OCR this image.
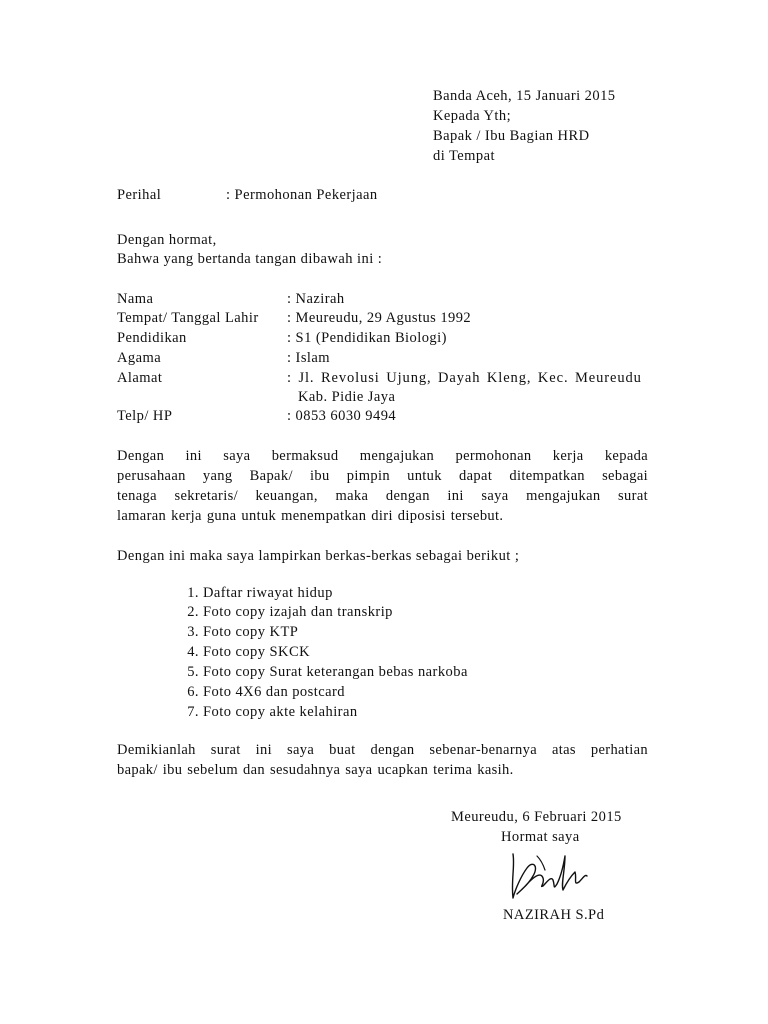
Banda Aceh, 15 Januari 2015
Kepada Yth;
Bapak / Ibu Bagian HRD
di Tempat
Perihal	: Permohonan Pekerjaan
Dengan hormat,
Bahwa yang bertanda tangan dibawah ini :
Nama	: Nazirah
Tempat/ Tanggal Lahir : Meureudu, 29 Agustus 1992
Pendidikan	: S1 (Pendidikan Biologi)
Agama	: Islam
Alamat	: Jl. Revolusi Ujung, Dayah Kleng, Kec. Meureudu
Kab. Pidie Jaya
Telp/ HP	: 0853 6030 9494
Dengan ini saya bermaksud mengajukan permohonan kerja kepada
perusahaan yang Bapak/ ibu pimpin untuk dapat ditempatkan sebagai
tenaga sekretaris/ keuangan, maka dengan ini saya mengajukan surat
lamaran kerja guna untuk menempatkan diri diposisi tersebut.
Dengan ini maka saya lampirkan berkas-berkas sebagai berikut ;
1. Daftar riwayat hidup
2. Foto copy izajah dan transkrip
3. Foto copy KTP
4. Foto copy SKCK
5. Foto copy Surat keterangan bebas narkoba
6. Foto 4X6 dan postcard
7. Foto copy akte kelahiran
Demikianlah surat ini saya buat dengan sebenar-benarnya atas perhatian
bapak/ ibu sebelum dan sesudahnya saya ucapkan terima kasih.
Meureudu, 6 Februari 2015
Hormat saya
NAZIRAH S.Pd
